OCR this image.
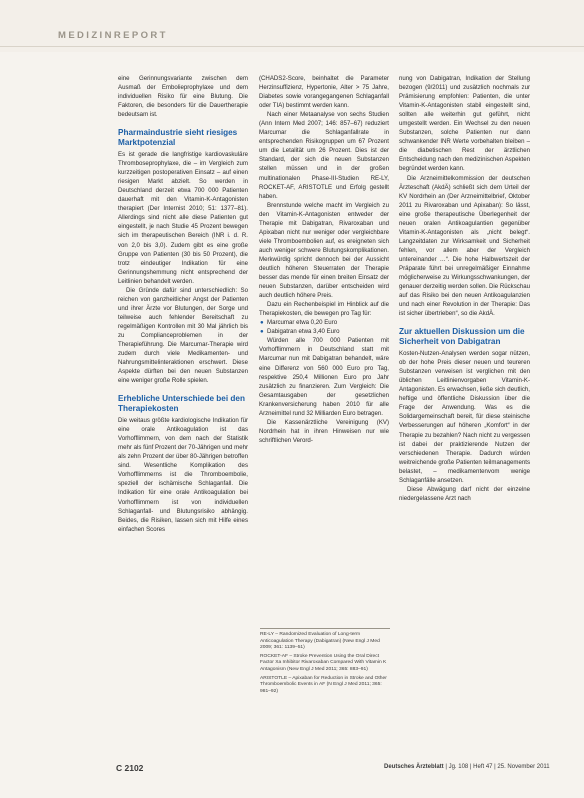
MEDIZINREPORT

eine Gerinnungsvariante zwischen dem Ausmaß der Embolieprophylaxe und dem individuellen Risiko für eine Blutung. Die Faktoren, die besonders für die Dauertherapie bedeutsam ist.

Pharmaindustrie sieht riesiges Marktpotenzial

Es ist gerade die langfristige kardiovaskuläre Thromboseprophylaxe, die – im Vergleich zum kurzzeitigen postoperativen Einsatz – auf einen riesigen Markt abzielt. So werden in Deutschland derzeit etwa 700 000 Patienten dauerhaft mit den Vitamin-K-Antagonisten therapiert (Der Internist 2010; 51: 1377–81). Allerdings sind nicht alle diese Patienten gut eingestellt, je nach Studie 45 Prozent bewegen sich im therapeutischen Bereich (INR i. d. R. von 2,0 bis 3,0). Zudem gibt es eine große Gruppe von Patienten (30 bis 50 Prozent), die trotz eindeutiger Indikation für eine Gerinnungshemmung nicht entsprechend der Leitlinien behandelt werden.

Die Gründe dafür sind unterschiedlich: So reichen von ganzheitlicher Angst der Patienten und ihrer Ärzte vor Blutungen, der Sorge und teilweise auch fehlender Bereitschaft zu regelmäßigen Kontrollen mit 30 Mal jährlich bis zu Complianceproblemen in der Therapieführung. Die Marcumar-Therapie wird zudem durch viele Medikamenten- und Nahrungsmittelinteraktionen erschwert. Diese Aspekte dürften bei den neuen Substanzen eine weniger große Rolle spielen.

Erhebliche Unterschiede bei den Therapiekosten

Die weitaus größte kardiologische Indikation für eine orale Antikoagulation ist das Vorhofflimmern, von dem nach der Statistik mehr als fünf Prozent der 70-Jährigen und mehr als zehn Prozent der über 80-Jährigen betroffen sind. Wesentliche Komplikation des Vorhofflimmerns ist die Thromboembolie, speziell der ischämische Schlaganfall. Die Indikation für eine orale Antikoagulation bei Vorhofflimmern ist von individuellen Schlaganfall- und Blutungsrisiko abhängig. Beides, die Risiken, lassen sich mit Hilfe eines einfachen Scores

(CHADS2-Score, beinhaltet die Parameter Herzinsuffizienz, Hypertonie, Alter > 75 Jahre, Diabetes sowie vorangegangenen Schlaganfall oder TIA) bestimmt werden kann.

Nach einer Metaanalyse von sechs Studien (Ann Intern Med 2007; 146: 857–67) reduziert Marcumar die Schlaganfallrate in entsprechenden Risikogruppen um 67 Prozent um die Letalität um 26 Prozent. Dies ist der Standard, der sich die neuen Substanzen stellen müssen und in der großen multinationalen Phase-III-Studien RE-LY, ROCKET-AF, ARISTOTLE und Erfolg gestellt haben.

Brennstunde welche macht im Vergleich zu den Vitamin-K-Antagonisten entweder der Therapie mit Dabigatran, Rivaroxaban und Apixaban nicht nur weniger oder vergleichbare viele Thromboembolien auf, es ereigneten sich auch weniger schwere Blutungskomplikationen. Merkwürdig spricht dennoch bei der Aussicht deutlich höheren Steuerraten der Therapie besser das mende für einen breiten Einsatz der neuen Substanzen, darüber entscheiden wird auch deutlich höhere Preis.

Dazu ein Rechenbeispiel im Hinblick auf die Therapiekosten, die bewegen pro Tag für:

● Marcumar etwa 0,20 Euro
● Dabigatran etwa 3,40 Euro

Würden alle 700 000 Patienten mit Vorhofflimmern in Deutschland statt mit Marcumar nun mit Dabigatran behandelt, wäre eine Differenz von 560 000 Euro pro Tag, respektive 250,4 Millionen Euro pro Jahr zusätzlich zu finanzieren. Zum Vergleich: Die Gesamtausgaben der gesetzlichen Krankenversicherung haben 2010 für alle Arzneimittel rund 32 Milliarden Euro betragen.

Die Kassenärztliche Vereinigung (KV) Nordrhein hat in ihren Hinweisen nur wie schriftlichen Verord-

RE-LY – Randomized Evaluation of Long-term Anticoagulation Therapy (Dabigatran) (New Engl J Med 2009; 361: 1139–51)

ROCKET-AF – Stroke Prevention Using the Oral Direct Factor Xa Inhibitor Rivaroxaban Compared With Vitamin K Antagonism (New Engl J Med 2011; 365: 883–91)

ARISTOTLE – Apixaban for Reduction in Stroke and Other Thromboembolic Events in AF (N Engl J Med 2011; 365: 981–92)

nung von Dabigatran, Indikation der Stellung bezogen (9/2011) und zusätzlich nochmals zur Prämisierung empfohlen: Patienten, die unter Vitamin-K-Antagonisten stabil eingestellt sind, sollten alle weiterhin gut geführt, nicht umgestellt werden. Ein Wechsel zu den neuen Substanzen, solche Patienten nur dann schwankender INR Werte vorbehalten bleiben – die diabetischen Rest der ärztlichen Entscheidung nach den medizinischen Aspekten begründet werden kann.

Die Arzneimittelkommission der deutschen Ärzteschaft (AkdÄ) schließt sich dem Urteil der KV Nordrhein an (Der Arzneimittelbrief, Oktober 2011 zu Rivaroxaban und Apixaban): So lässt, eine große therapeutische Überlegenheit der neuen oralen Antikoagulantien gegenüber Vitamin-K-Antagonisten als „nicht belegt“. Langzeitdaten zur Wirksamkeit und Sicherheit fehlen, vor allem aber der Vergleich untereinander …“. Die hohe Halbwertszeit der Präparate führt bei unregelmäßiger Einnahme möglicherweise zu Wirkungsschwankungen, der genauer derzeitig werden sollen. Die Rückschau auf das Risiko bei den neuen Antikoagulanzien und nach einer Revolution in der Therapie: Das ist sicher übertrieben“, so die AkdÄ.

Zur aktuellen Diskussion um die Sicherheit von Dabigatran

Kosten-Nutzen-Analysen werden sogar nützen, ob der hohe Preis dieser neuen und teureren Substanzen verweisen ist verglichen mit den üblichen Leitlinienvorgaben Vitamin-K-Antagonisten. Es erwachsen, ließe sich deutlich, heftige und öffentliche Diskussion über die Frage der Anwendung. Was es die Solidargemeinschaft bereit, für diese steinische Verbesserungen auf höheren „Komfort“ in der Therapie zu bezahlen? Nach nicht zu vergessen ist dabei der praktizierende Nutzen der verschiedenen Therapie. Dadurch würden weitreichende große Patienten teilmanagements belastet, – medikamentenvom wenige Schlaganfälle ansetzen.

Diese Abwägung darf nicht der einzelne niedergelassene Arzt nach

C 2102	Deutsches Ärzteblatt | Jg. 108 | Heft 47 | 25. November 2011
